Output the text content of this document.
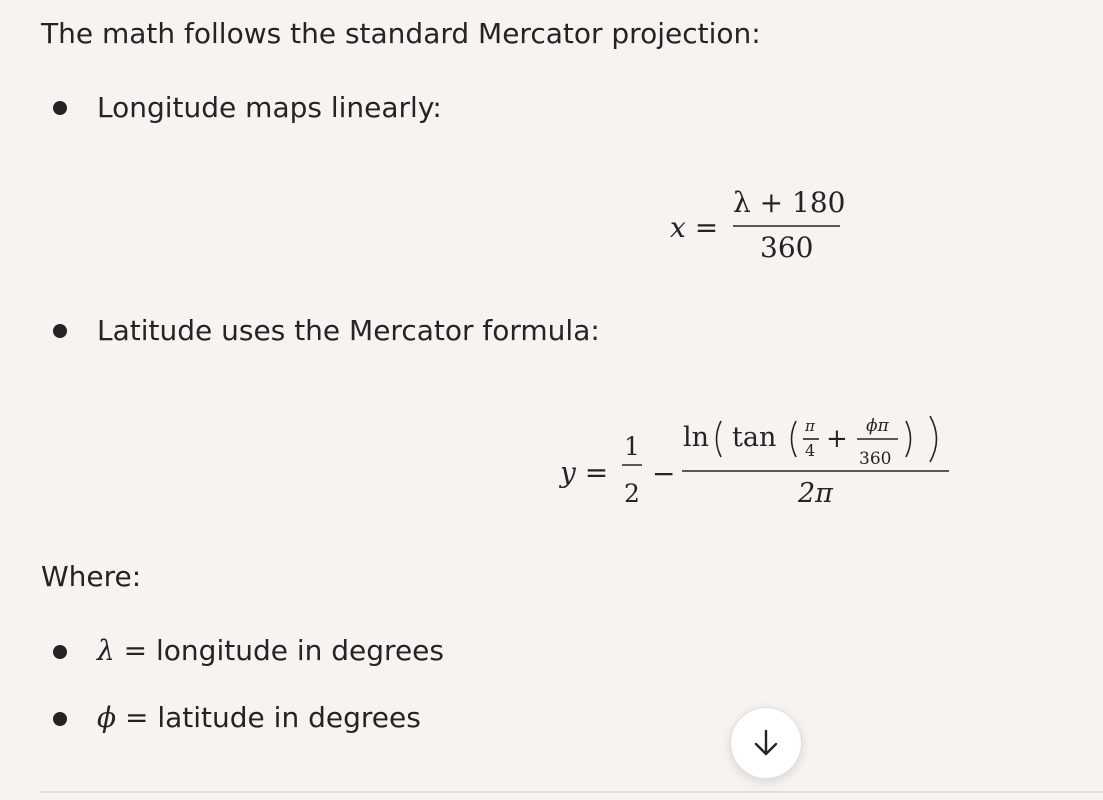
The math follows the standard Mercator projection:
Longitude maps linearly:
x =
λ + 180
360
Latitude uses the Mercator formula:
y =
1
2
−
ln tan π
4 + ϕπ
360
2π
Where:
λ = longitude in degrees
ϕ = latitude in degrees
